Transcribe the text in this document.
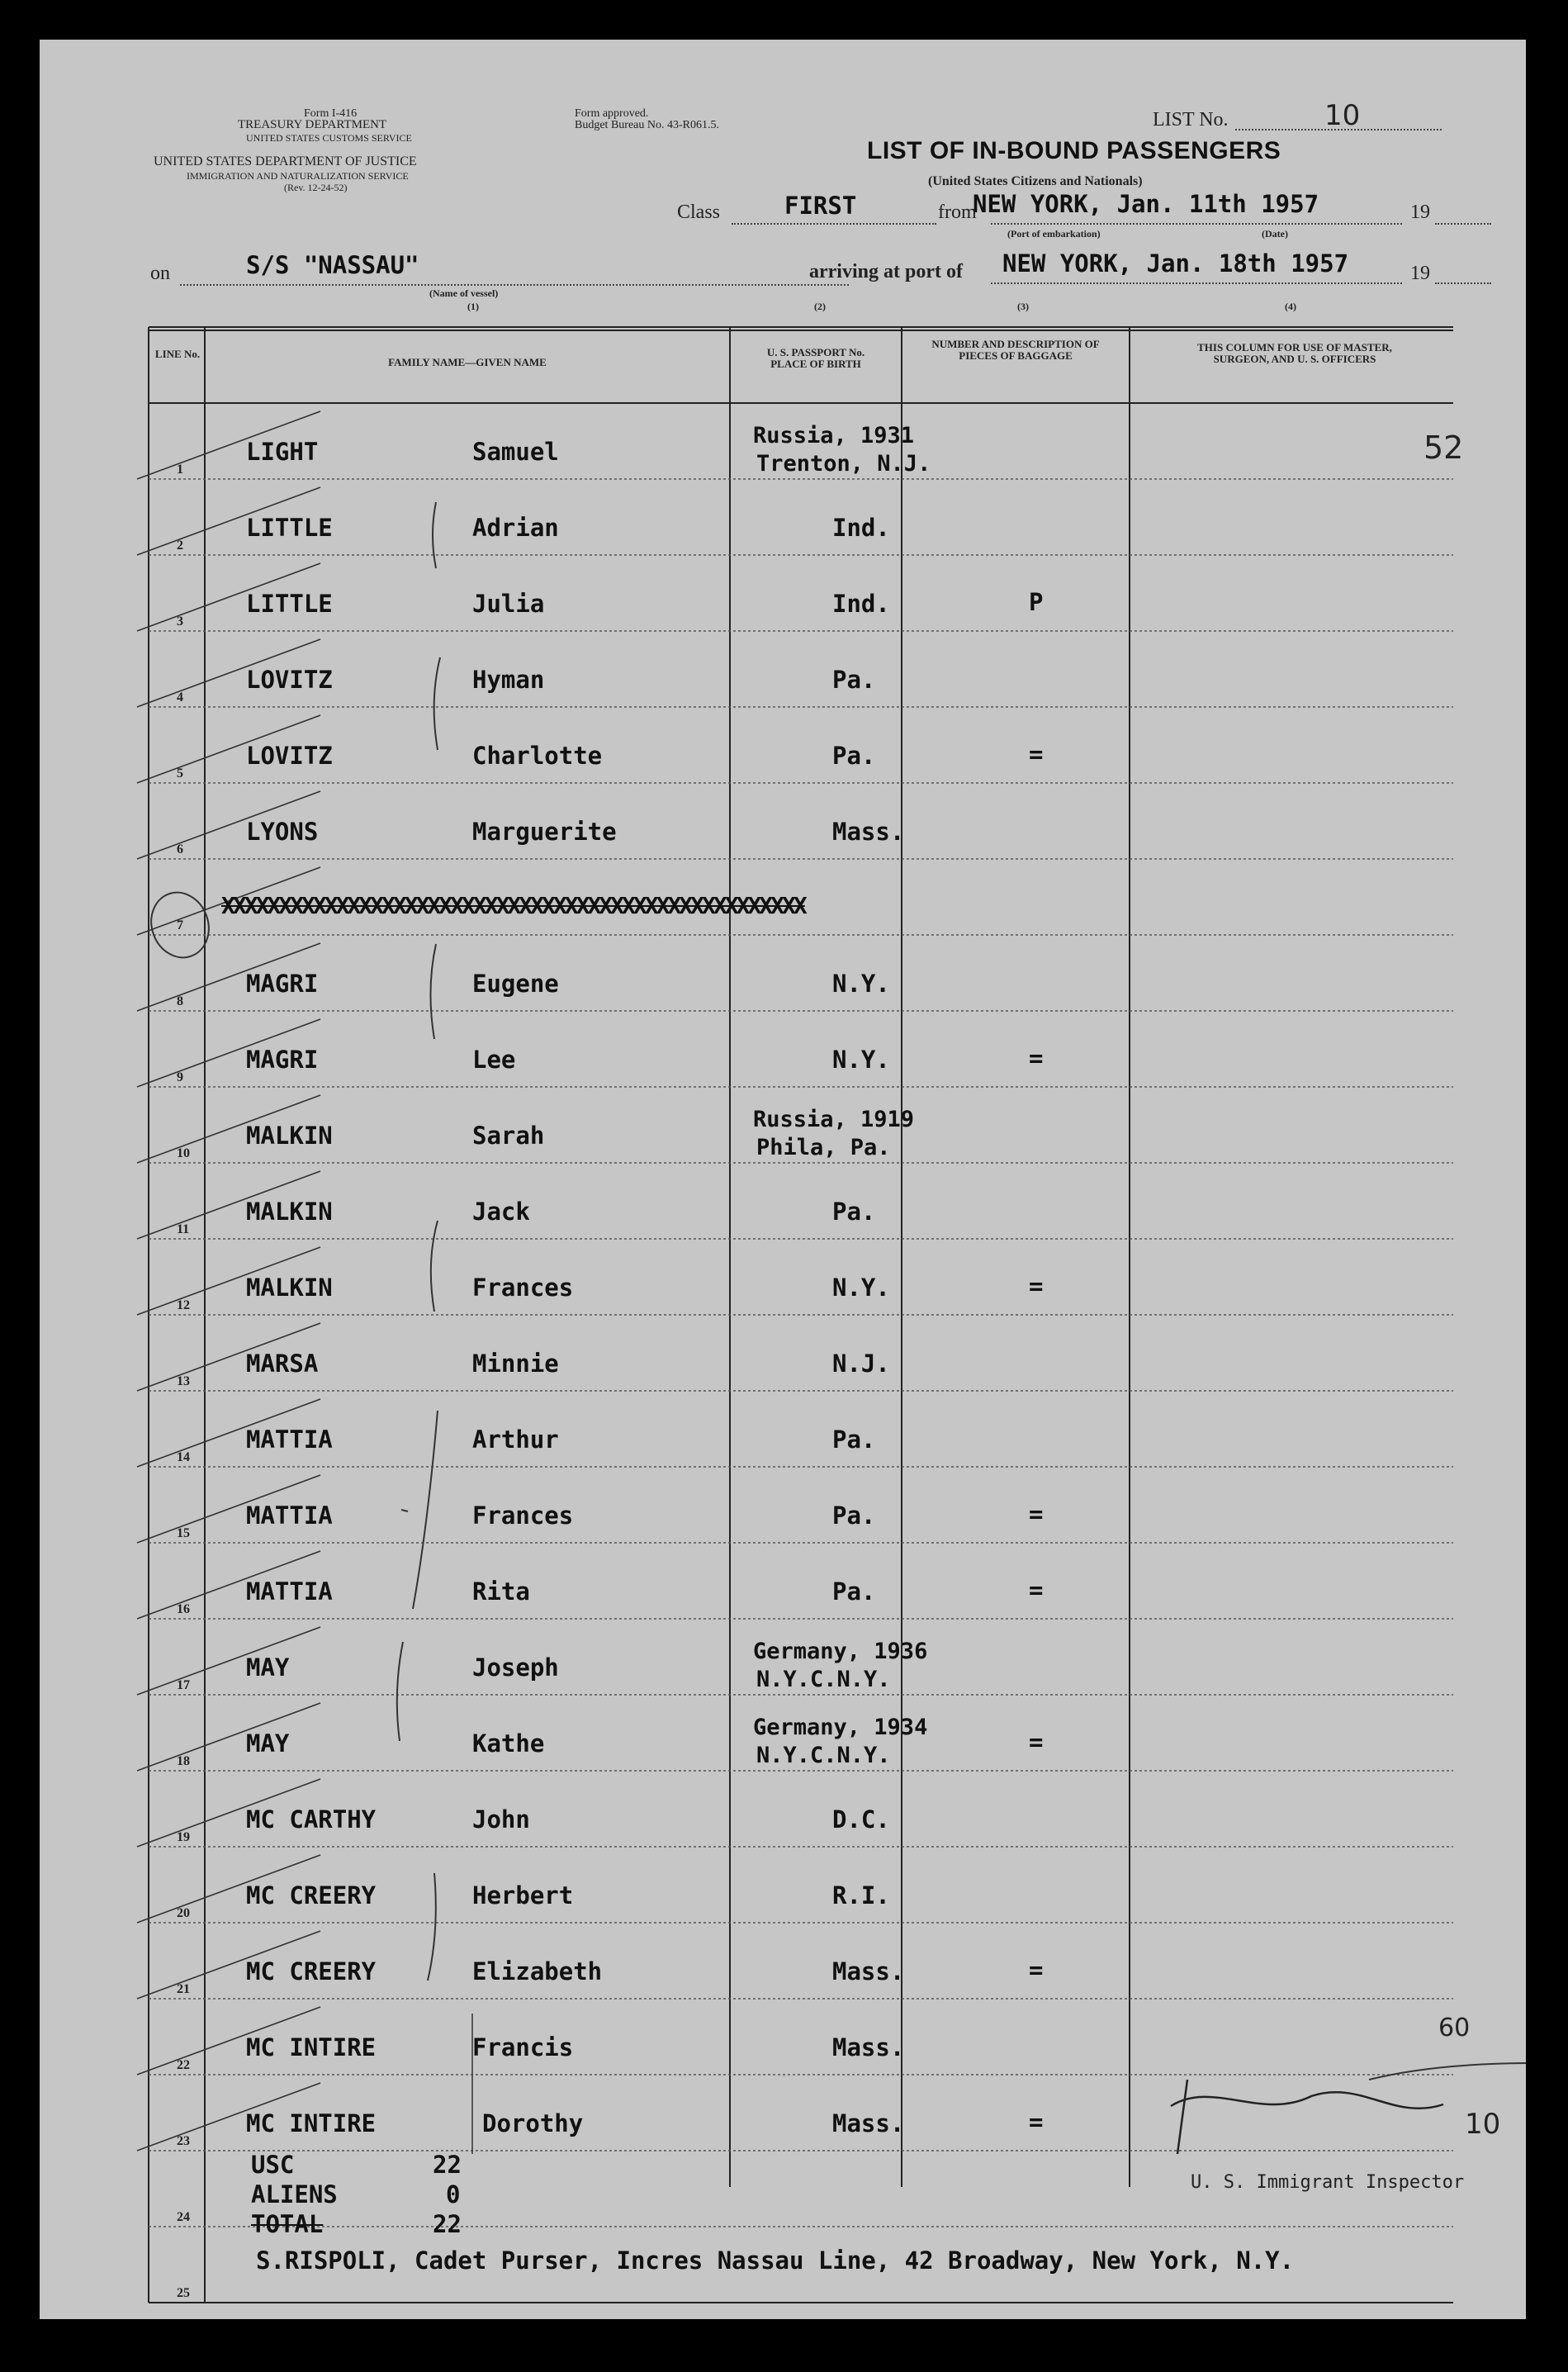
Form I-416
TREASURY DEPARTMENT
UNITED STATES CUSTOMS SERVICE
UNITED STATES DEPARTMENT OF JUSTICE
IMMIGRATION AND NATURALIZATION SERVICE
(Rev. 12-24-52)
Form approved.
Budget Bureau No. 43-R061.5.	LIST No.	10
LIST OF IN-BOUND PASSENGERS
(United States Citizens and Nationals)
Class	FIRST	from
NEW YORK, Jan. 11th 1957	19
(Port of embarkation)	(Date)
on	S/S "NASSAU"
(Name of vessel)
(1)	(2)	(3)	(4)
arriving at port of NEW YORK, Jan. 18th 1957	19
LINE No.
FAMILY NAME—GIVEN NAME
U. S. PASSPORT No. PLACE OF BIRTH
NUMBER AND DESCRIPTION OF PIECES OF BAGGAGE
THIS COLUMN FOR USE OF MASTER, SURGEON, AND U. S. OFFICERS
52
1
LIGHT	Samuel
Russia, 1931
Trenton, N.J.
2
LITTLE	Adrian	Ind.
3
LITTLE	Julia	Ind.	P
4
LOVITZ	Hyman	Pa.
5
LOVITZ	Charlotte	Pa.	=
6
LYONS	Marguerite	Mass.
7
XXXXXXXXXXXXXXXXXXXXXXXXXXXXXXXXXXXXXXXXXXXXXXXXXXX
8
MAGRI	Eugene	N.Y.
9
MAGRI	Lee	N.Y.	=
10
MALKIN	Sarah
Russia, 1919
Phila, Pa.
11
MALKIN	Jack	Pa.
12
MALKIN	Frances	N.Y.	=
13
MARSA	Minnie	N.J.
14
MATTIA	Arthur	Pa.
15
MATTIA	Frances	Pa.	=
16
MATTIA	Rita	Pa.	=
17
MAY	Joseph
Germany, 1936
N.Y.C.N.Y.
18
MAY	Kathe
Germany, 1934
N.Y.C.N.Y.	=
19
MC CARTHY	John	D.C.
20
MC CREERY	Herbert	R.I.
21
MC CREERY	Elizabeth	Mass.	=
22
MC INTIRE	Francis	Mass.
23
MC INTIRE	Dorothy	Mass.	=
24
25
USC	22
ALIENS	0
TOTAL	22
S.RISPOLI, Cadet Purser, Incres Nassau Line, 42 Broadway, New York, N.Y.
U. S. Immigrant Inspector
60
10
